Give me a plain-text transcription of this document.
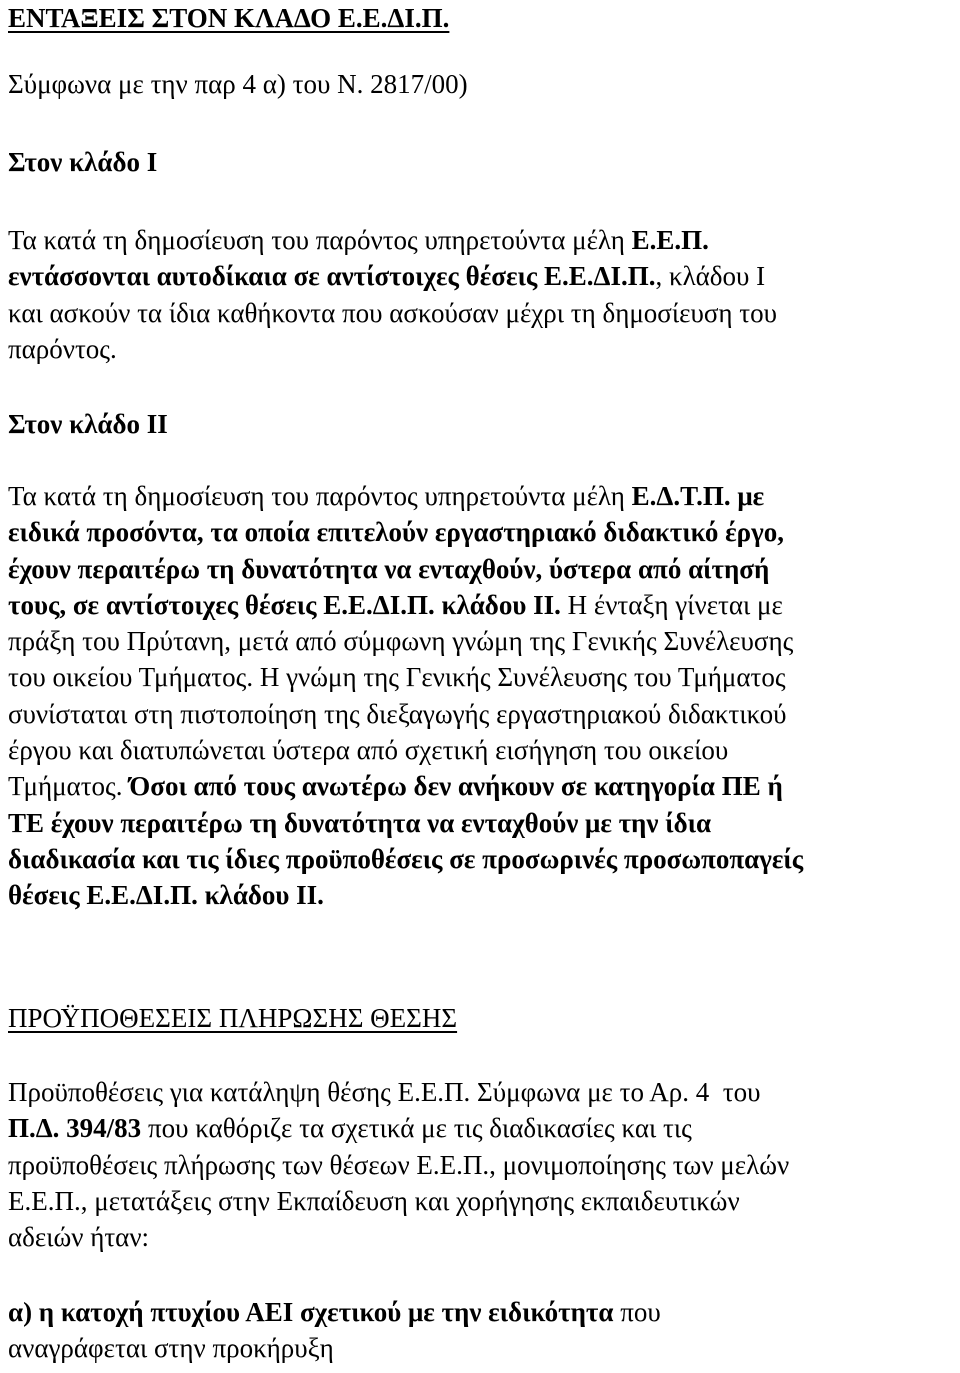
ΕΝΤΑΞΕΙΣ ΣΤΟΝ ΚΛΑΔΟ Ε.Ε.ΔΙ.Π.
Σύμφωνα με την παρ 4 α) του Ν. 2817/00)
Στον κλάδο Ι
Τα κατά τη δημοσίευση του παρόντος υπηρετούντα μέλη Ε.Ε.Π.
εντάσσονται αυτοδίκαια σε αντίστοιχες θέσεις Ε.Ε.ΔΙ.Π., κλάδου Ι
και ασκούν τα ίδια καθήκοντα που ασκούσαν μέχρι τη δημοσίευση του
παρόντος.
Στον κλάδο ΙΙ
Τα κατά τη δημοσίευση του παρόντος υπηρετούντα μέλη Ε.Δ.Τ.Π. με
ειδικά προσόντα, τα οποία επιτελούν εργαστηριακό διδακτικό έργο,
έχουν περαιτέρω τη δυνατότητα να ενταχθούν, ύστερα από αίτησή
τους, σε αντίστοιχες θέσεις Ε.Ε.ΔΙ.Π. κλάδου ΙΙ. Η ένταξη γίνεται με
πράξη του Πρύτανη, μετά από σύμφωνη γνώμη της Γενικής Συνέλευσης
του οικείου Τμήματος. Η γνώμη της Γενικής Συνέλευσης του Τμήματος
συνίσταται στη πιστοποίηση της διεξαγωγής εργαστηριακού διδακτικού
έργου και διατυπώνεται ύστερα από σχετική εισήγηση του οικείου
Τμήματος. Όσοι από τους ανωτέρω δεν ανήκουν σε κατηγορία ΠΕ ή
ΤΕ έχουν περαιτέρω τη δυνατότητα να ενταχθούν με την ίδια
διαδικασία και τις ίδιες προϋποθέσεις σε προσωρινές προσωποπαγείς
θέσεις Ε.Ε.ΔΙ.Π. κλάδου ΙΙ.
ΠΡΟΫΠΟΘΕΣΕΙΣ ΠΛΗΡΩΣΗΣ ΘΕΣΗΣ
Προϋποθέσεις για κατάληψη θέσης Ε.Ε.Π. Σύμφωνα με το Αρ. 4  του
Π.Δ. 394/83 που καθόριζε τα σχετικά με τις διαδικασίες και τις
προϋποθέσεις πλήρωσης των θέσεων Ε.Ε.Π., μονιμοποίησης των μελών
Ε.Ε.Π., μετατάξεις στην Εκπαίδευση και χορήγησης εκπαιδευτικών
αδειών ήταν:
α) η κατοχή πτυχίου ΑΕΙ σχετικού με την ειδικότητα που
αναγράφεται στην προκήρυξη
